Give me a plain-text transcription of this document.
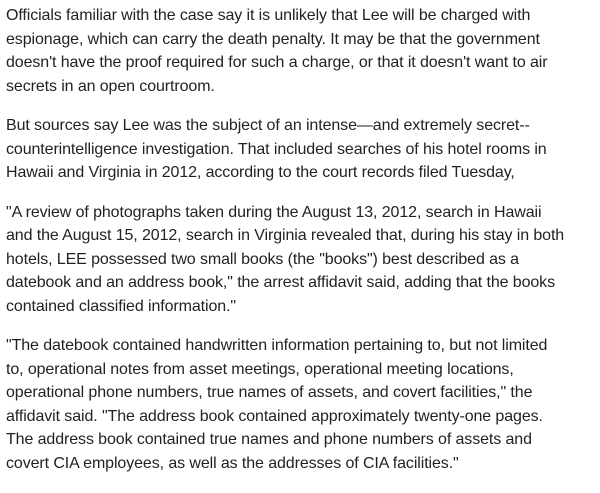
Officials familiar with the case say it is unlikely that Lee will be charged with
espionage, which can carry the death penalty. It may be that the government
doesn't have the proof required for such a charge, or that it doesn't want to air
secrets in an open courtroom.

But sources say Lee was the subject of an intense—and extremely secret--
counterintelligence investigation. That included searches of his hotel rooms in
Hawaii and Virginia in 2012, according to the court records filed Tuesday,

"A review of photographs taken during the August 13, 2012, search in Hawaii
and the August 15, 2012, search in Virginia revealed that, during his stay in both
hotels, LEE possessed two small books (the "books") best described as a
datebook and an address book," the arrest affidavit said, adding that the books
contained classified information."

"The datebook contained handwritten information pertaining to, but not limited
to, operational notes from asset meetings, operational meeting locations,
operational phone numbers, true names of assets, and covert facilities," the
affidavit said. "The address book contained approximately twenty-one pages.
The address book contained true names and phone numbers of assets and
covert CIA employees, as well as the addresses of CIA facilities."
